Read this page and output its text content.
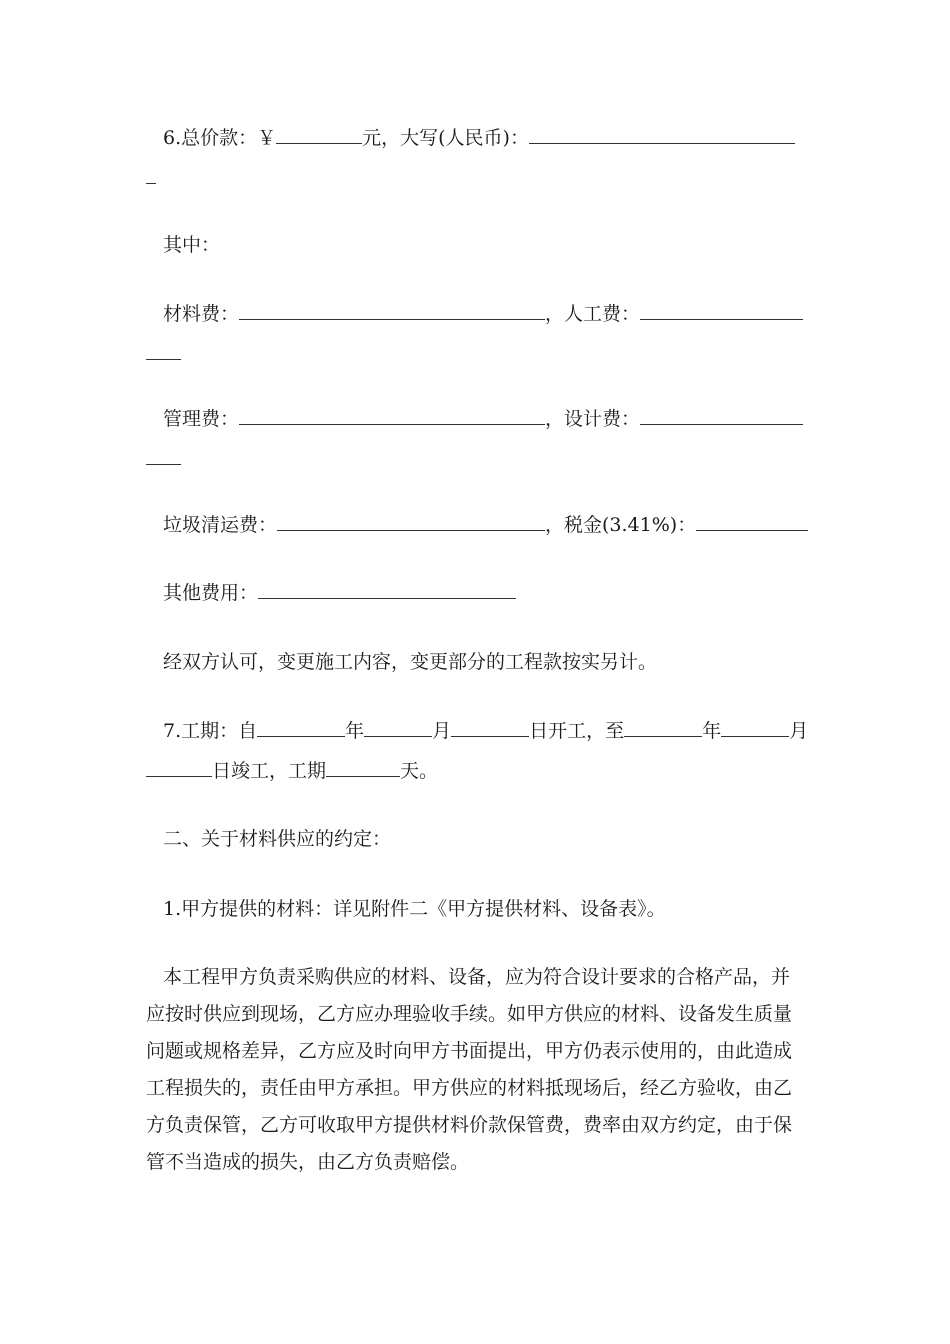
6.总价款：￥	元，大写(人民币)：
其中：
材料费：	，人工费：
管理费：	，设计费：
垃圾清运费：	，税金(3.41%)：
其他费用：
经双方认可，变更施工内容，变更部分的工程款按实另计。
7.工期：自	年	月	日开工，至	年	月
日竣工，工期	天。
二、关于材料供应的约定：
1.甲方提供的材料：详见附件二《甲方提供材料、设备表》。
本工程甲方负责采购供应的材料、设备，应为符合设计要求的合格产品，并
应按时供应到现场，乙方应办理验收手续。如甲方供应的材料、设备发生质量
问题或规格差异，乙方应及时向甲方书面提出，甲方仍表示使用的，由此造成
工程损失的，责任由甲方承担。甲方供应的材料抵现场后，经乙方验收，由乙
方负责保管，乙方可收取甲方提供材料价款保管费，费率由双方约定，由于保
管不当造成的损失，由乙方负责赔偿。
